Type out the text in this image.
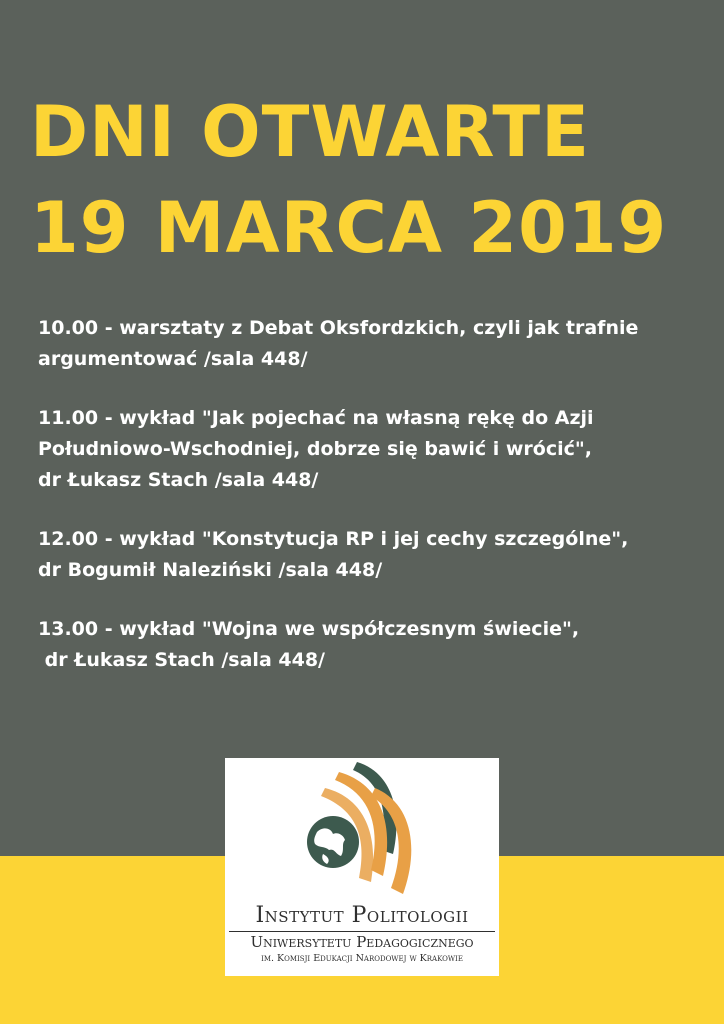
DNI OTWARTE
19 MARCA 2019

10.00 - warsztaty z Debat Oksfordzkich, czyli jak trafnie

argumentować /sala 448/

11.00 - wykład "Jak pojechać na własną rękę do Azji

Południowo-Wschodniej, dobrze się bawić i wrócić",

dr Łukasz Stach /sala 448/

12.00 - wykład "Konstytucja RP i jej cechy szczególne",

dr Bogumił Naleziński /sala 448/

13.00 - wykład "Wojna we współczesnym świecie",

dr Łukasz Stach /sala 448/

Instytut Politologii
Uniwersytetu Pedagogicznego
im. Komisji Edukacji Narodowej w Krakowie
